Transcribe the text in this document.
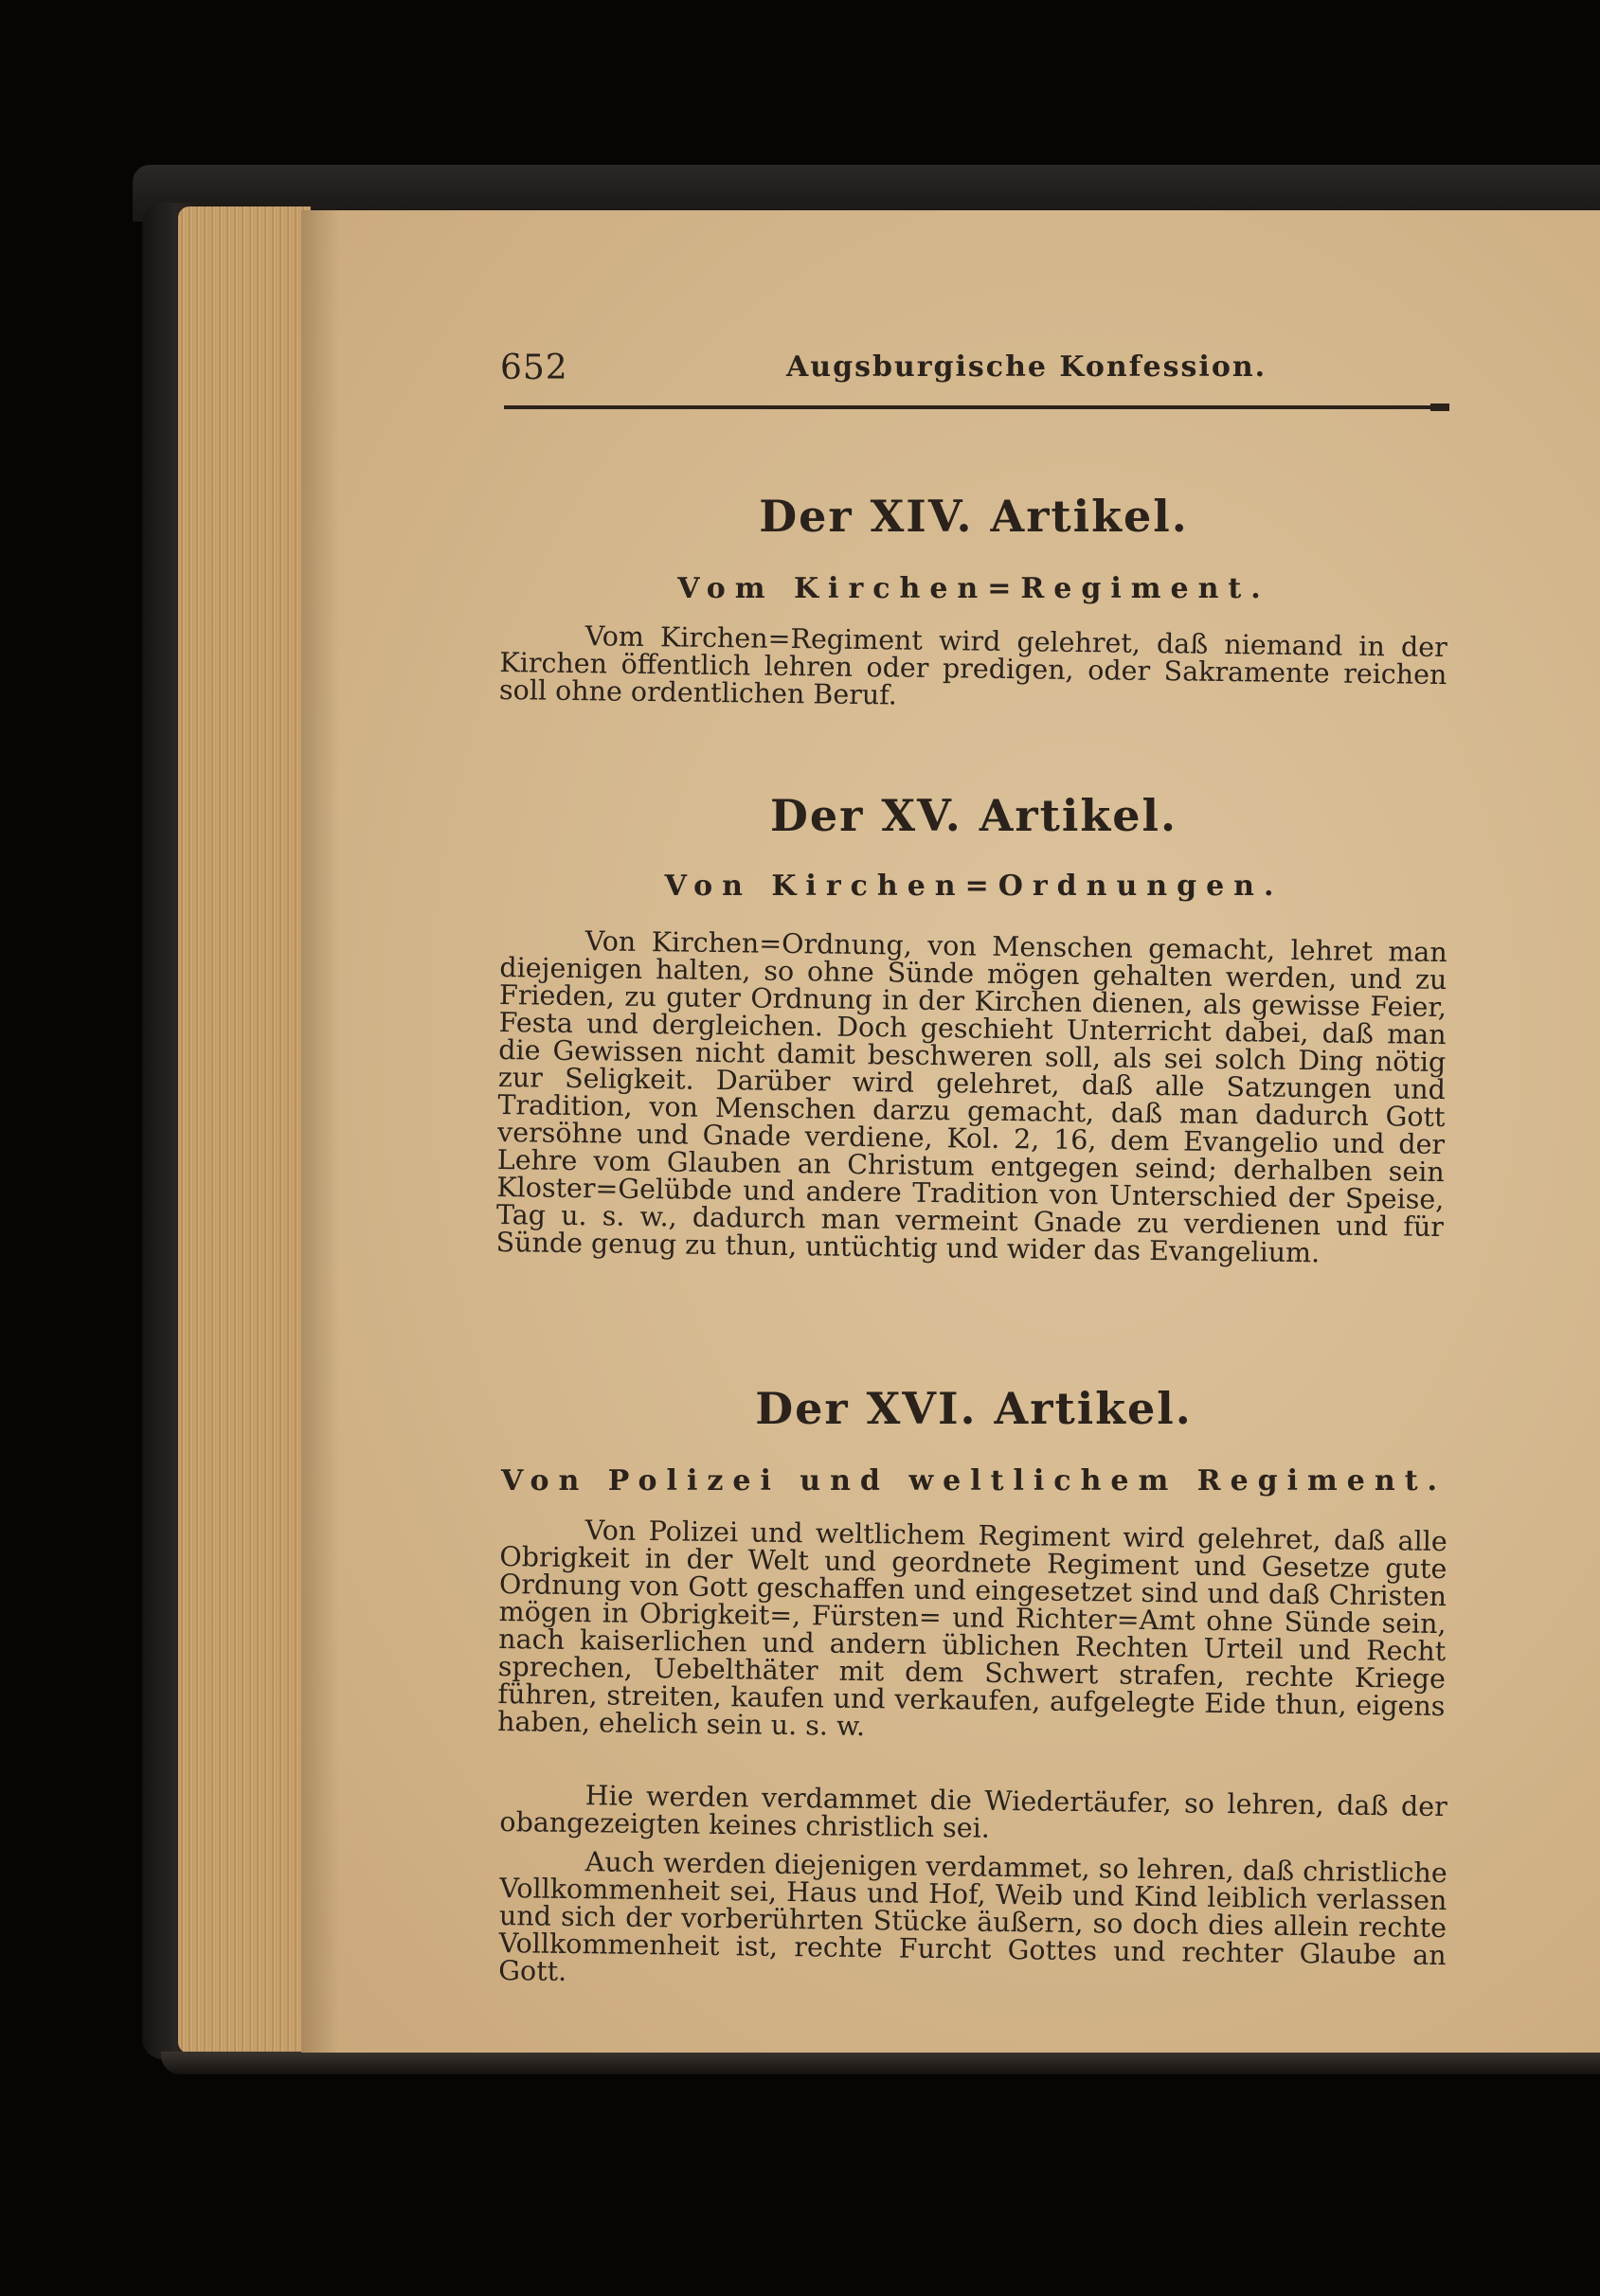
652	Augsburgische Konfession.
Der XIV. Artikel.
Vom Kirchen=Regiment.
Vom Kirchen=Regiment wird gelehret, daß niemand in der Kirchen öffentlich lehren oder predigen, oder Sakramente reichen soll ohne ordentlichen Beruf.
Der XV. Artikel.
Von Kirchen=Ordnungen.
Von Kirchen=Ordnung, von Menschen gemacht, lehret man diejenigen halten, so ohne Sünde mögen gehalten werden, und zu Frieden, zu guter Ordnung in der Kirchen dienen, als gewisse Feier, Festa und dergleichen. Doch geschieht Unterricht dabei, daß man die Gewissen nicht damit beschweren soll, als sei solch Ding nötig zur Seligkeit. Darüber wird gelehret, daß alle Satzungen und Tradition, von Menschen darzu gemacht, daß man dadurch Gott versöhne und Gnade verdiene, Kol. 2, 16, dem Evangelio und der Lehre vom Glauben an Christum entgegen seind; derhalben sein Kloster=Gelübde und andere Tradition von Unterschied der Speise, Tag u. s. w., dadurch man vermeint Gnade zu verdienen und für Sünde genug zu thun, untüchtig und wider das Evangelium.
Der XVI. Artikel.
Von Polizei und weltlichem Regiment.
Von Polizei und weltlichem Regiment wird gelehret, daß alle Obrigkeit in der Welt und geordnete Regiment und Gesetze gute Ordnung von Gott geschaffen und eingesetzet sind und daß Christen mögen in Obrigkeit=, Fürsten= und Richter=Amt ohne Sünde sein, nach kaiserlichen und andern üblichen Rechten Urteil und Recht sprechen, Uebelthäter mit dem Schwert strafen, rechte Kriege führen, streiten, kaufen und verkaufen, aufgelegte Eide thun, eigens haben, ehelich sein u. s. w.
Hie werden verdammet die Wiedertäufer, so lehren, daß der obangezeigten keines christlich sei.
Auch werden diejenigen verdammet, so lehren, daß christliche Vollkommenheit sei, Haus und Hof, Weib und Kind leiblich verlassen und sich der vorberührten Stücke äußern, so doch dies allein rechte Vollkommenheit ist, rechte Furcht Gottes und rechter Glaube an Gott.
